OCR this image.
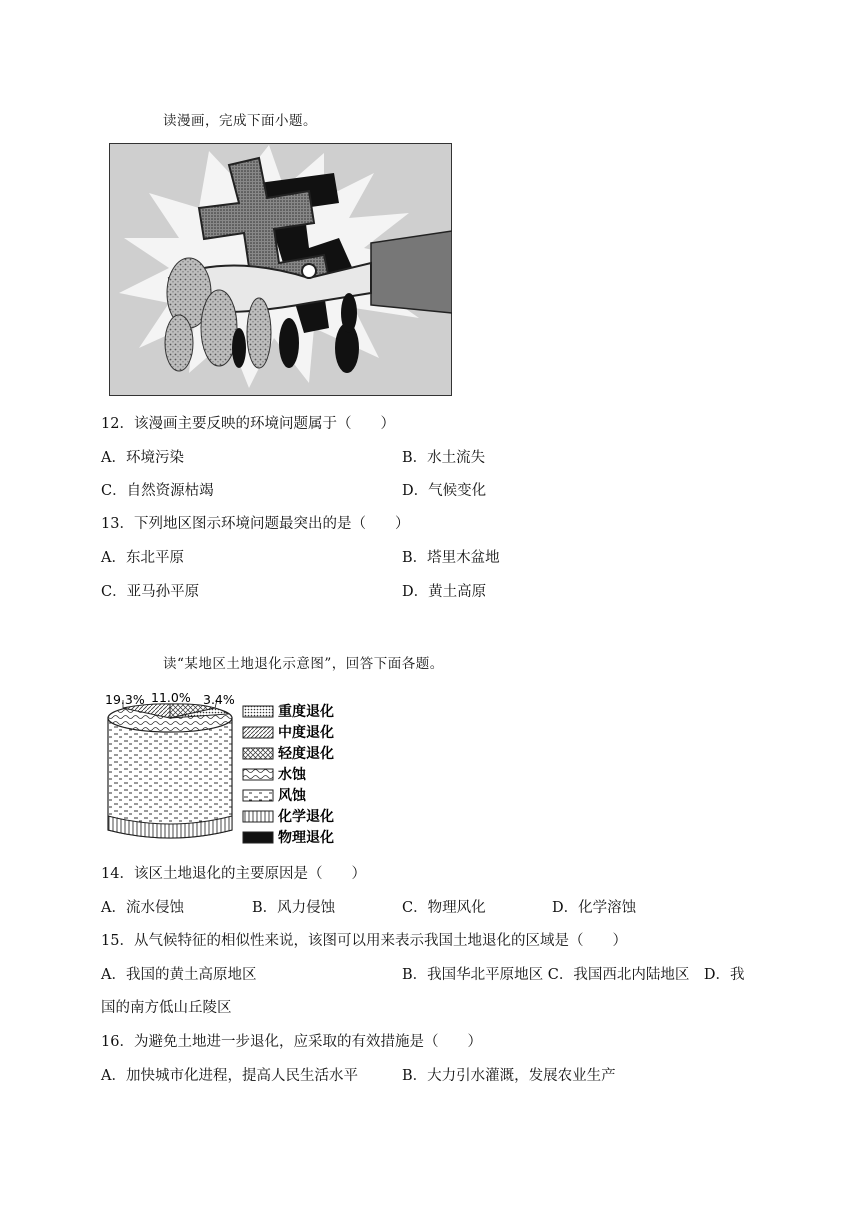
读漫画，完成下面小题。
12．该漫画主要反映的环境问题属于（　　）
A．环境污染	B．水土流失
C．自然资源枯竭	D．气候变化
13．下列地区图示环境问题最突出的是（　　）
A．东北平原	B．塔里木盆地
C．亚马孙平原	D．黄土高原
读“某地区土地退化示意图”，回答下面各题。
19.3% 11.0% 3.4%
重度退化
中度退化
轻度退化
水蚀
风蚀
化学退化
物理退化
14．该区土地退化的主要原因是（　　）
A．流水侵蚀	B．风力侵蚀	C．物理风化	D．化学溶蚀
15．从气候特征的相似性来说，该图可以用来表示我国土地退化的区域是（　　）
A．我国的黄土高原地区	B．我国华北平原地区 C．我国西北内陆地区　D．我
国的南方低山丘陵区
16．为避免土地进一步退化，应采取的有效措施是（　　）
A．加快城市化进程，提高人民生活水平	B．大力引水灌溉，发展农业生产
